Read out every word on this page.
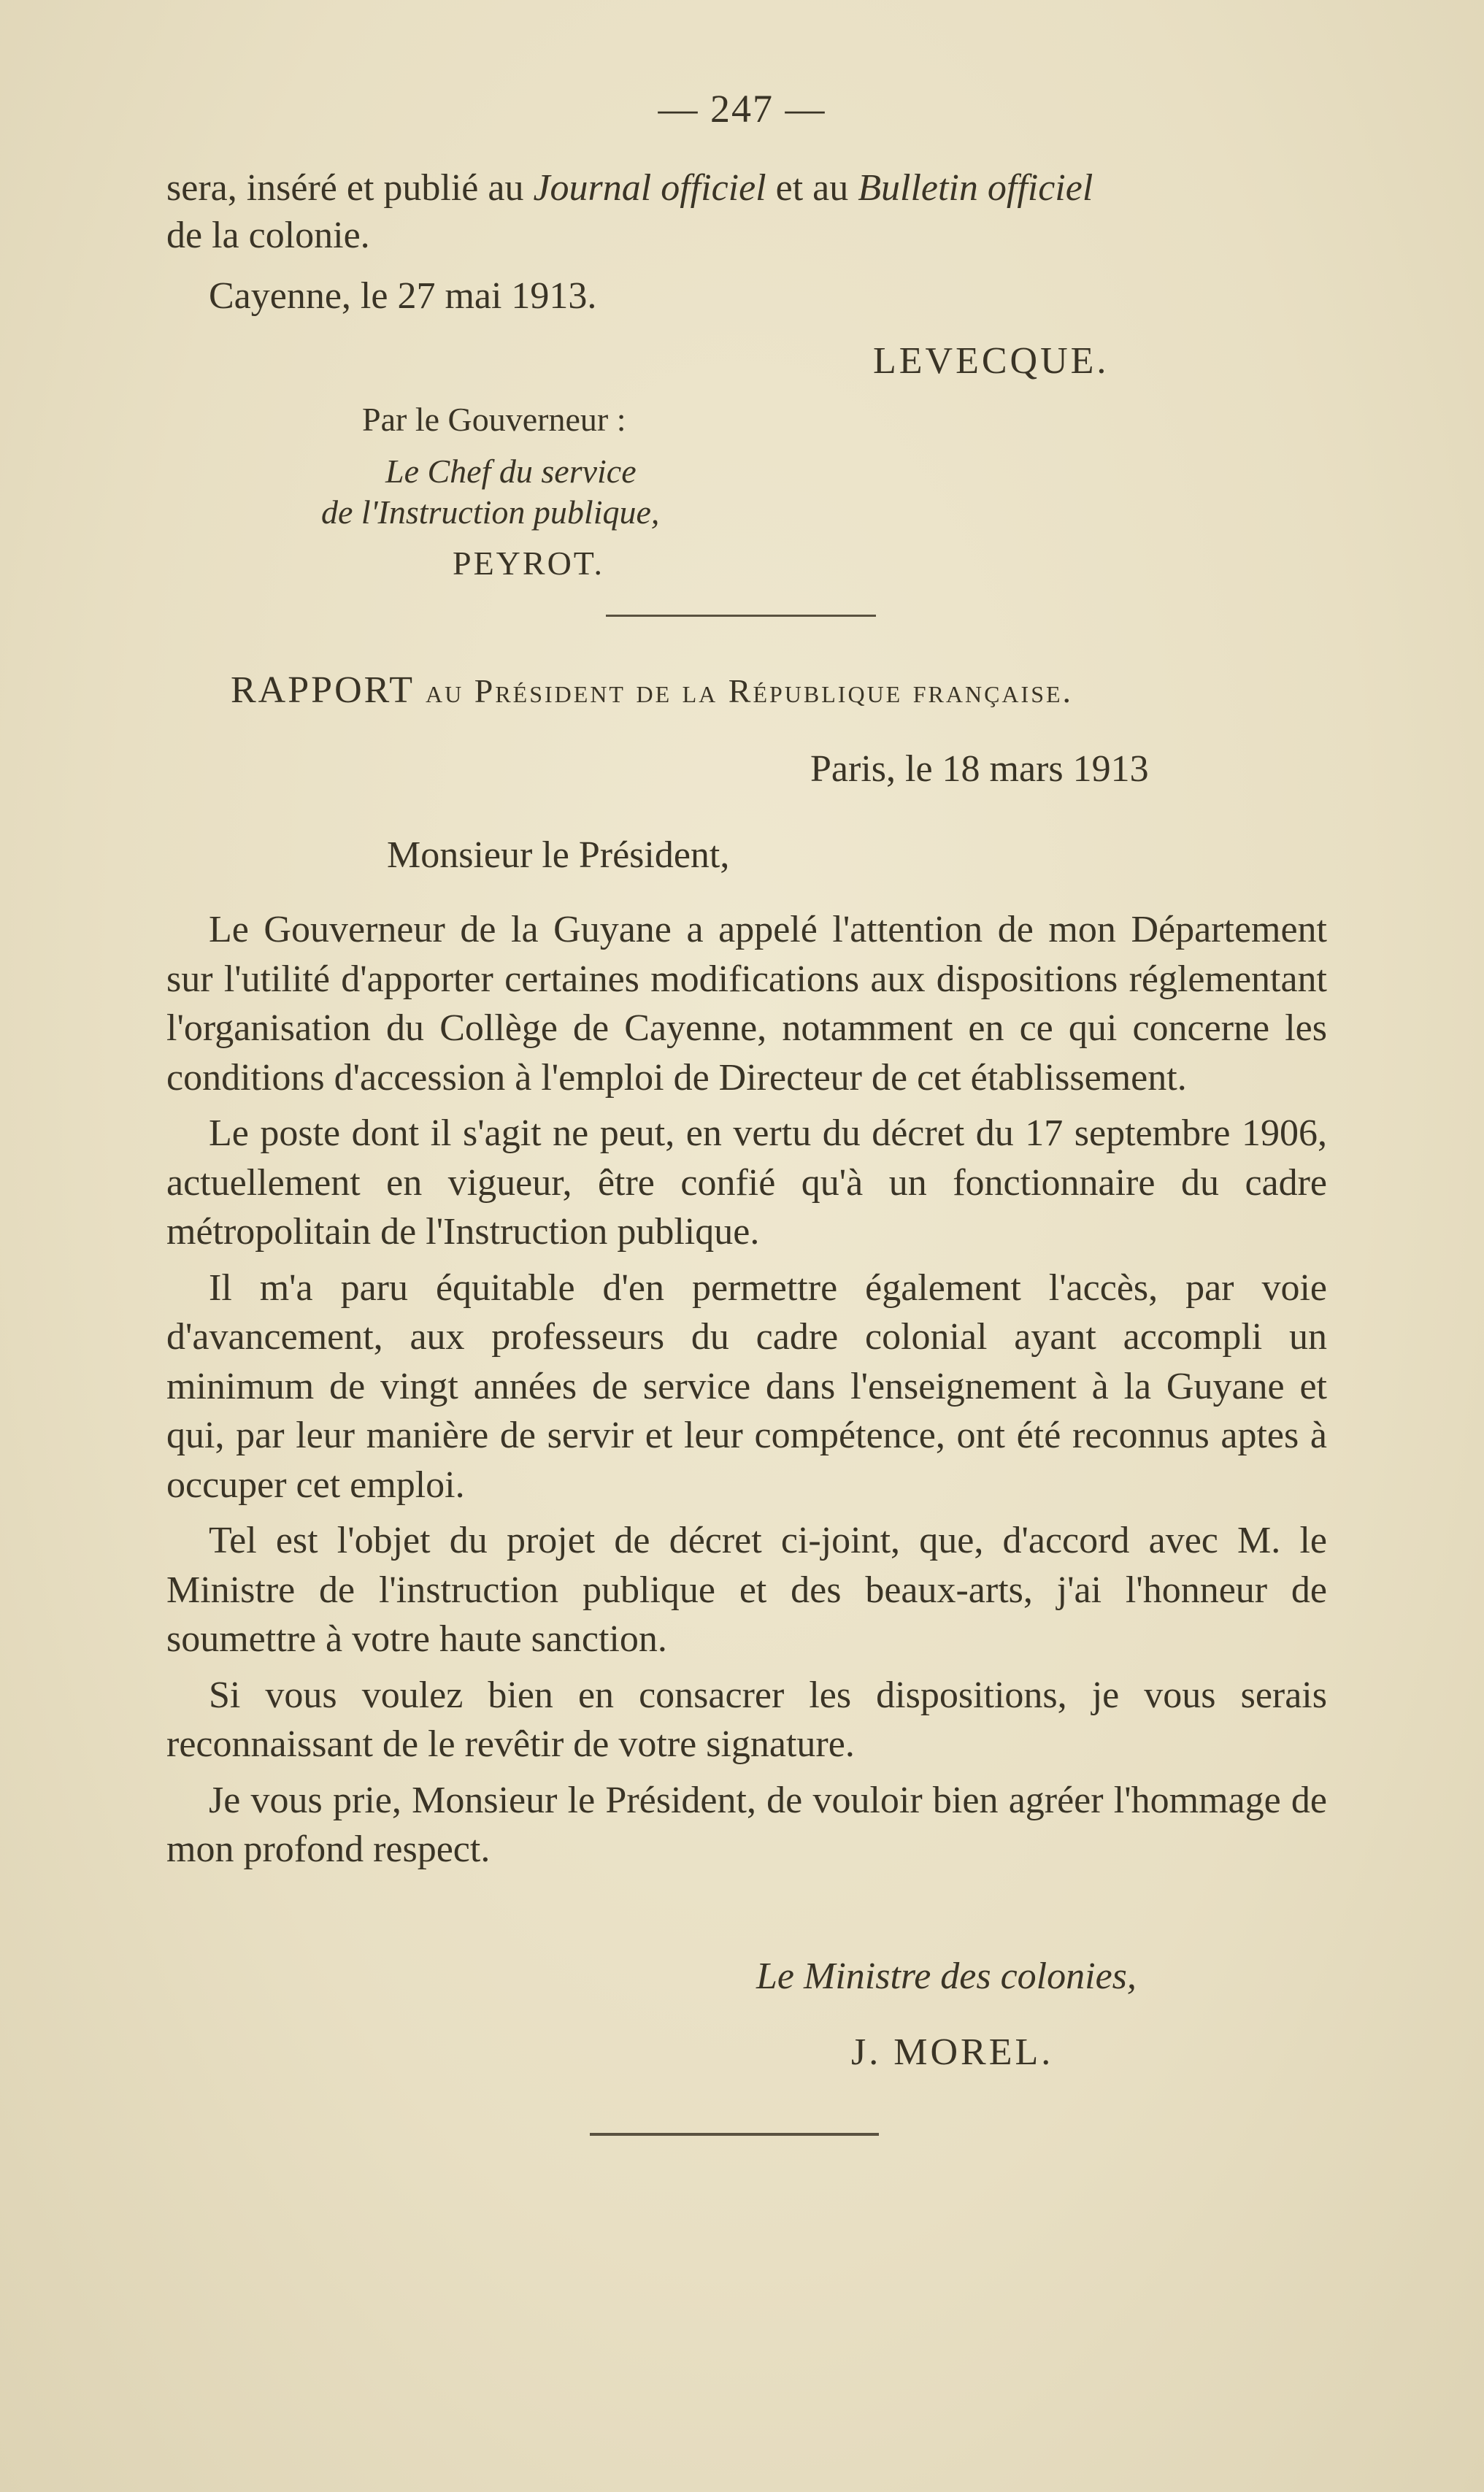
— 247 —
sera, inséré et publié au Journal officiel et au Bulletin officiel
de la colonie.
Cayenne, le 27 mai 1913.
LEVECQUE.
Par le Gouverneur :
Le Chef du service
de l'Instruction publique,
PEYROT.
RAPPORT au Président de la République française.
Paris, le 18 mars 1913
Monsieur le Président,

Le Gouverneur de la Guyane a appelé l'attention de mon Département sur l'utilité d'apporter certaines modifications aux dispositions réglementant l'organisation du Collège de Cayenne, notamment en ce qui concerne les conditions d'accession à l'emploi de Directeur de cet établissement.

Le poste dont il s'agit ne peut, en vertu du décret du 17 septembre 1906, actuellement en vigueur, être confié qu'à un fonctionnaire du cadre métropolitain de l'Instruction publique.

Il m'a paru équitable d'en permettre également l'accès, par voie d'avancement, aux professeurs du cadre colonial ayant accompli un minimum de vingt années de service dans l'enseignement à la Guyane et qui, par leur manière de servir et leur compétence, ont été reconnus aptes à occuper cet emploi.

Tel est l'objet du projet de décret ci-joint, que, d'accord avec M. le Ministre de l'instruction publique et des beaux-arts, j'ai l'honneur de soumettre à votre haute sanction.

Si vous voulez bien en consacrer les dispositions, je vous serais reconnaissant de le revêtir de votre signature.

Je vous prie, Monsieur le Président, de vouloir bien agréer l'hommage de mon profond respect.

Le Ministre des colonies,
J. MOREL.
